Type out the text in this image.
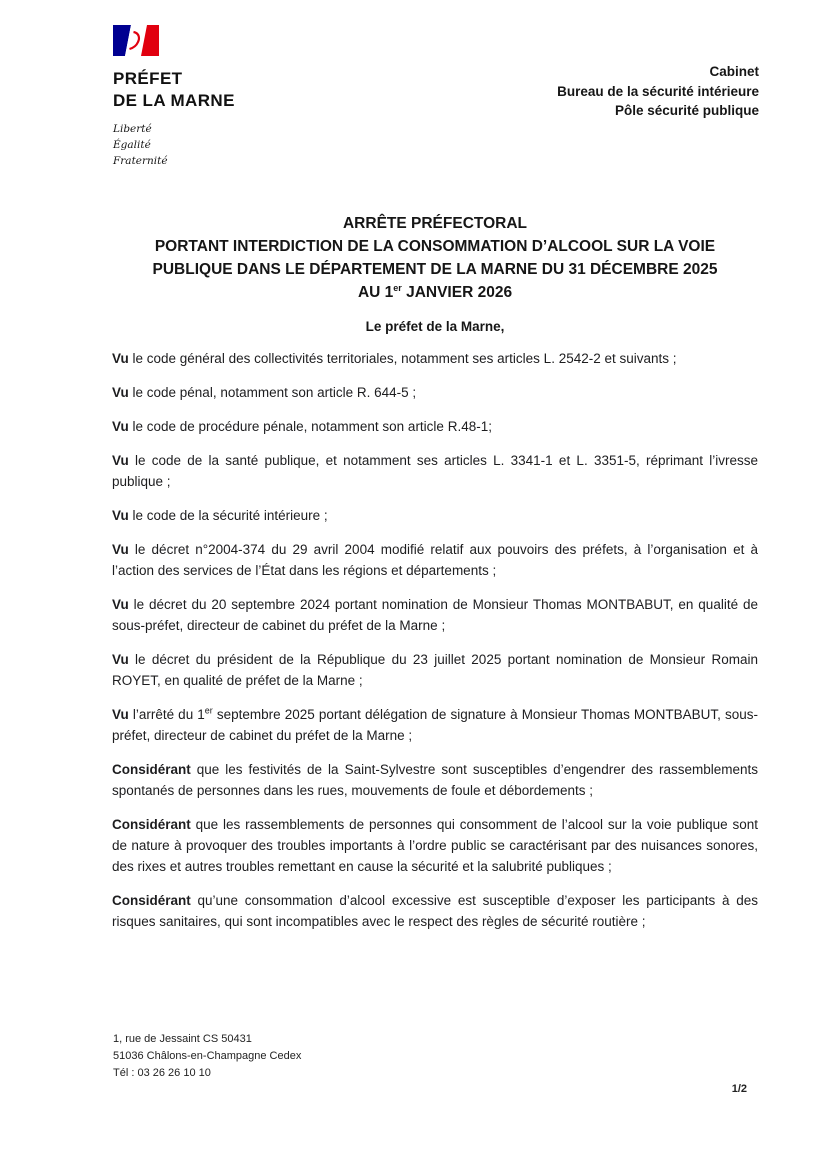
PRÉFET
DE LA MARNE
Liberté
Égalité
Fraternité
Cabinet
Bureau de la sécurité intérieure
Pôle sécurité publique
ARRÊTE PRÉFECTORAL
PORTANT INTERDICTION DE LA CONSOMMATION D’ALCOOL SUR LA VOIE
PUBLIQUE DANS LE DÉPARTEMENT DE LA MARNE DU 31 DÉCEMBRE 2025
AU 1er JANVIER 2026

Le préfet de la Marne,

Vu le code général des collectivités territoriales, notamment ses articles L. 2542-2 et suivants ;

Vu le code pénal, notamment son article R. 644-5 ;

Vu le code de procédure pénale, notamment son article R.48-1;

Vu le code de la santé publique, et notamment ses articles L. 3341-1 et L. 3351-5, réprimant l’ivresse publique ;

Vu le code de la sécurité intérieure ;

Vu le décret n°2004-374 du 29 avril 2004 modifié relatif aux pouvoirs des préfets, à l’organisation et à l’action des services de l’État dans les régions et départements ;

Vu le décret du 20 septembre 2024 portant nomination de Monsieur Thomas MONTBABUT, en qualité de sous-préfet, directeur de cabinet du préfet de la Marne ;

Vu le décret du président de la République du 23 juillet 2025 portant nomination de Monsieur Romain ROYET, en qualité de préfet de la Marne ;

Vu l’arrêté du 1er septembre 2025 portant délégation de signature à Monsieur Thomas MONTBABUT, sous-préfet, directeur de cabinet du préfet de la Marne ;

Considérant que les festivités de la Saint-Sylvestre sont susceptibles d’engendrer des rassemblements spontanés de personnes dans les rues, mouvements de foule et débordements ;

Considérant que les rassemblements de personnes qui consomment de l’alcool sur la voie publique sont de nature à provoquer des troubles importants à l’ordre public se caractérisant par des nuisances sonores, des rixes et autres troubles remettant en cause la sécurité et la salubrité publiques ;

Considérant qu’une consommation d’alcool excessive est susceptible d’exposer les participants à des risques sanitaires, qui sont incompatibles avec le respect des règles de sécurité routière ;

1, rue de Jessaint CS 50431
51036 Châlons-en-Champagne Cedex
Tél : 03 26 26 10 10
1/2
